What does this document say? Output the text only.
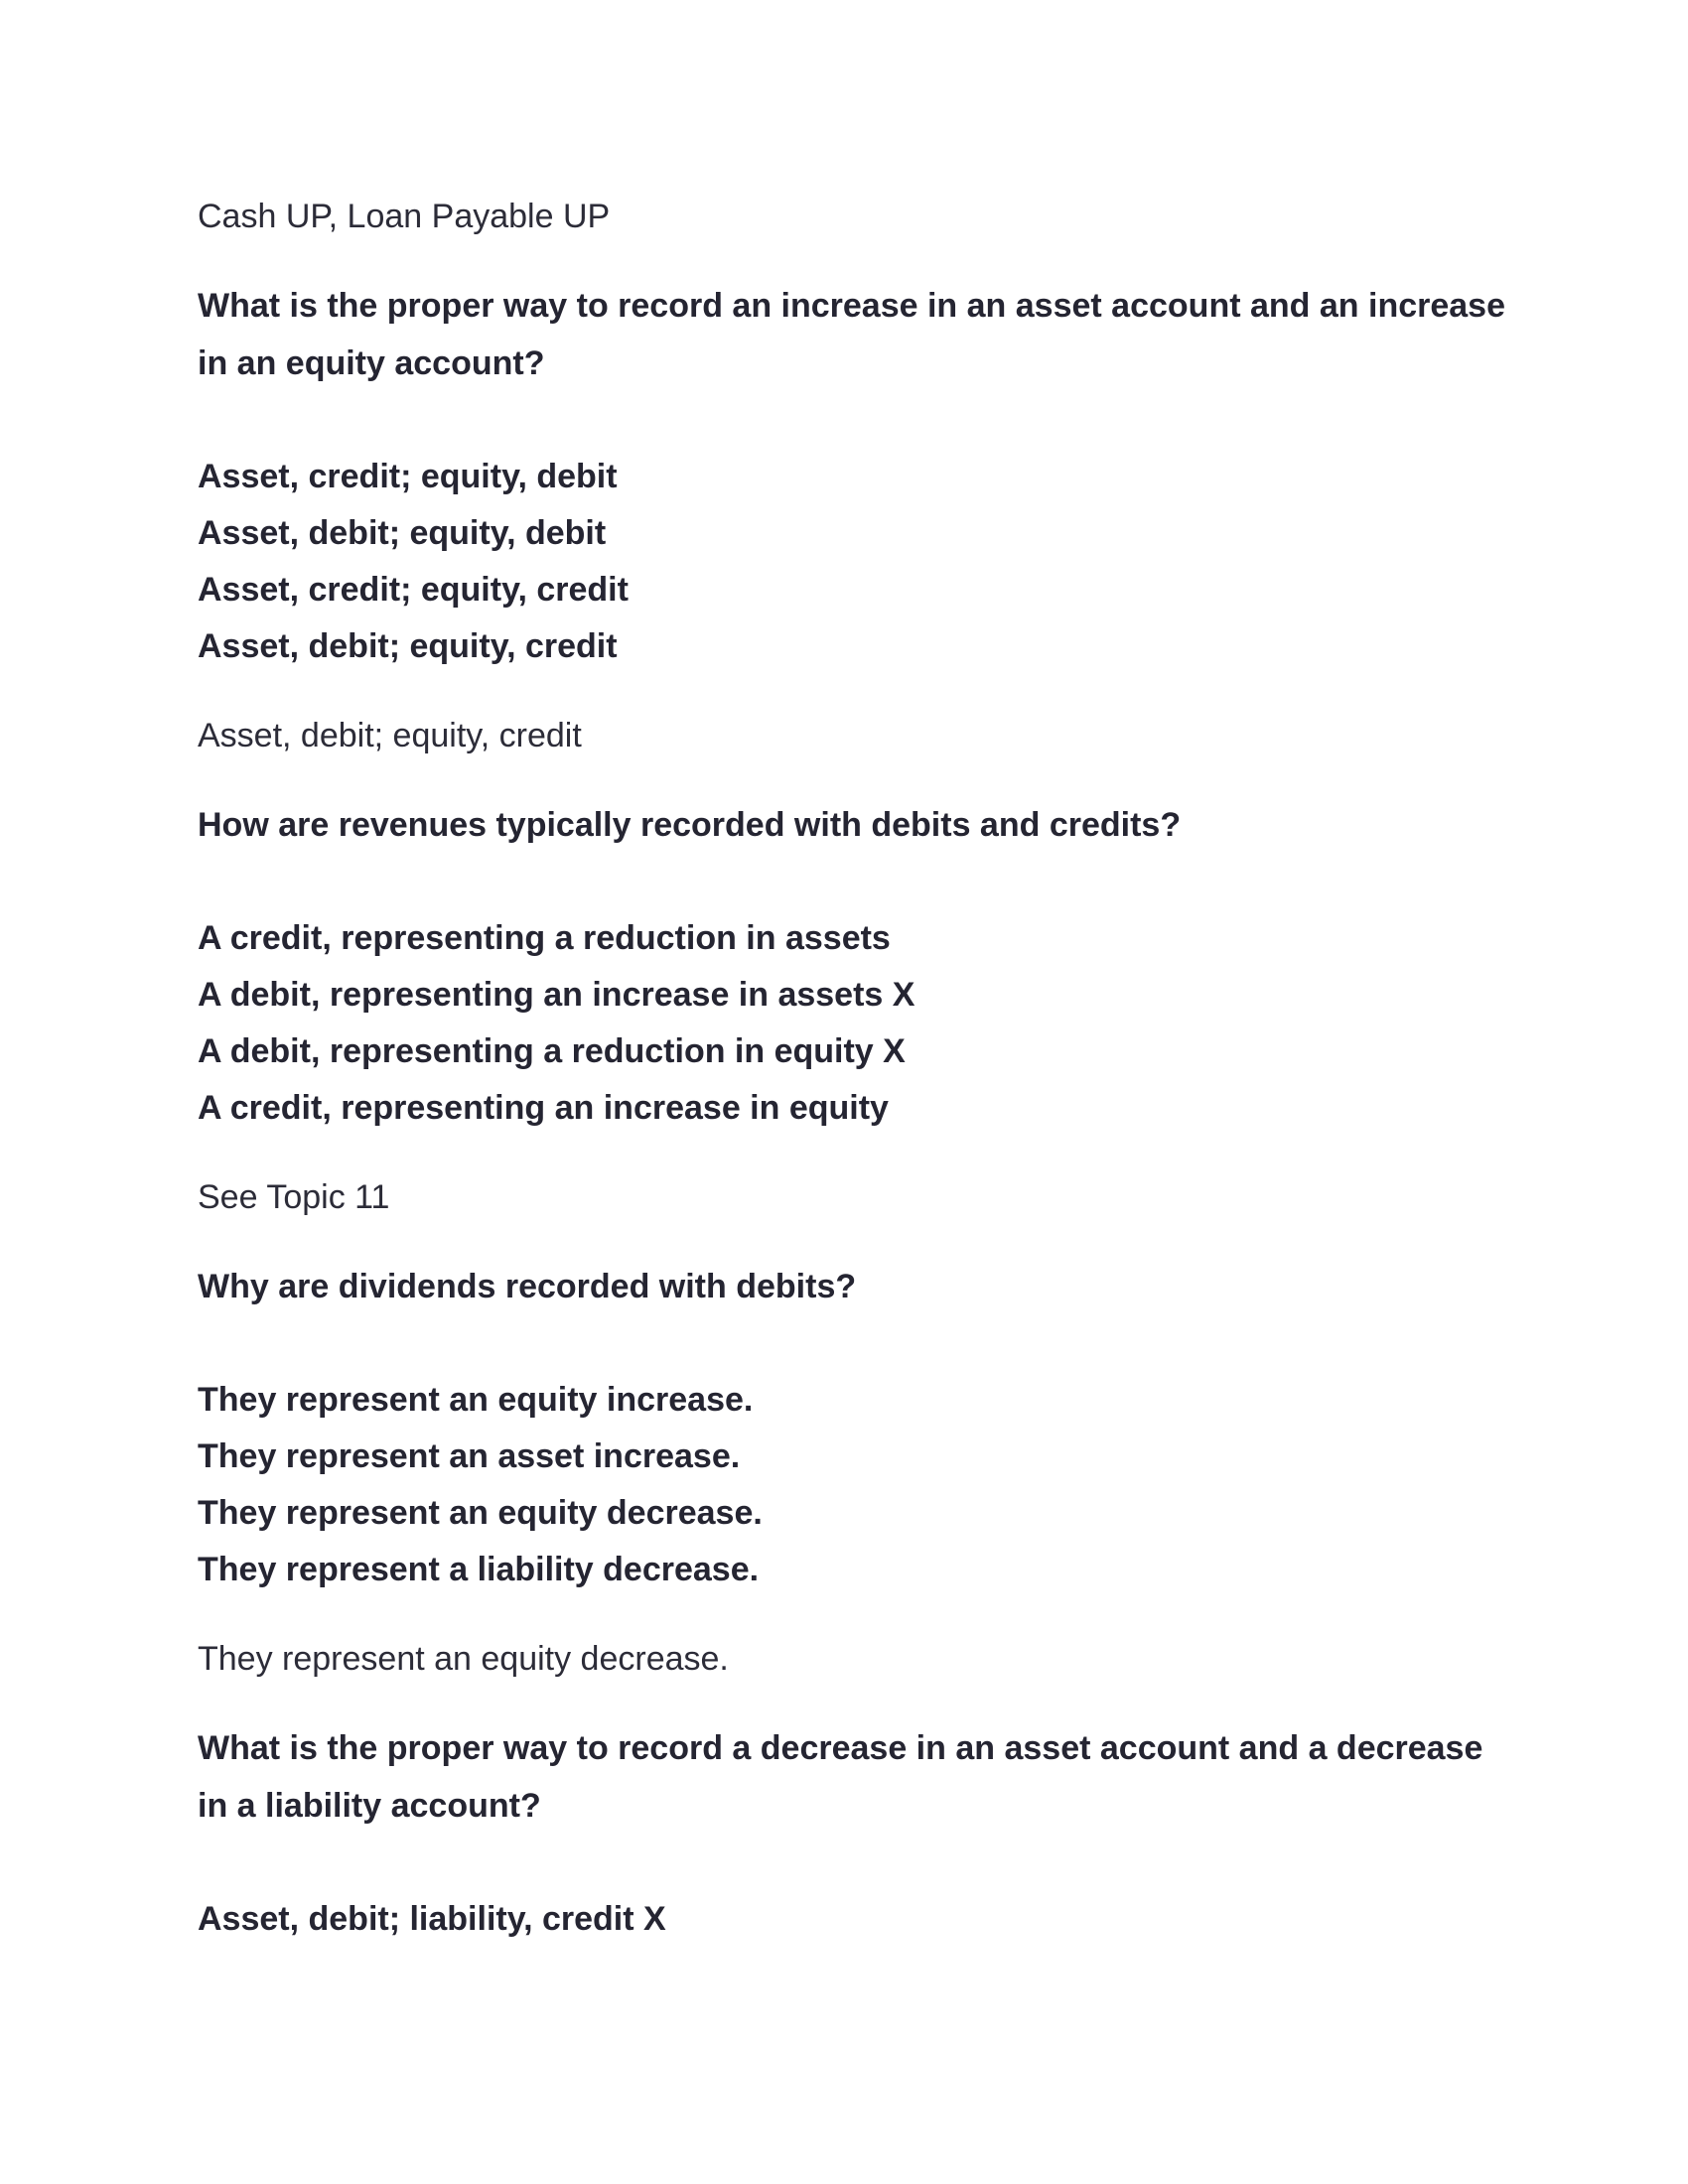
Cash UP, Loan Payable UP
What is the proper way to record an increase in an asset account and an increase
in an equity account?
Asset, credit; equity, debit
Asset, debit; equity, debit
Asset, credit; equity, credit
Asset, debit; equity, credit
Asset, debit; equity, credit
How are revenues typically recorded with debits and credits?
A credit, representing a reduction in assets
A debit, representing an increase in assets X
A debit, representing a reduction in equity X
A credit, representing an increase in equity
See Topic 11
Why are dividends recorded with debits?
They represent an equity increase.
They represent an asset increase.
They represent an equity decrease.
They represent a liability decrease.
They represent an equity decrease.
What is the proper way to record a decrease in an asset account and a decrease
in a liability account?
Asset, debit; liability, credit X
